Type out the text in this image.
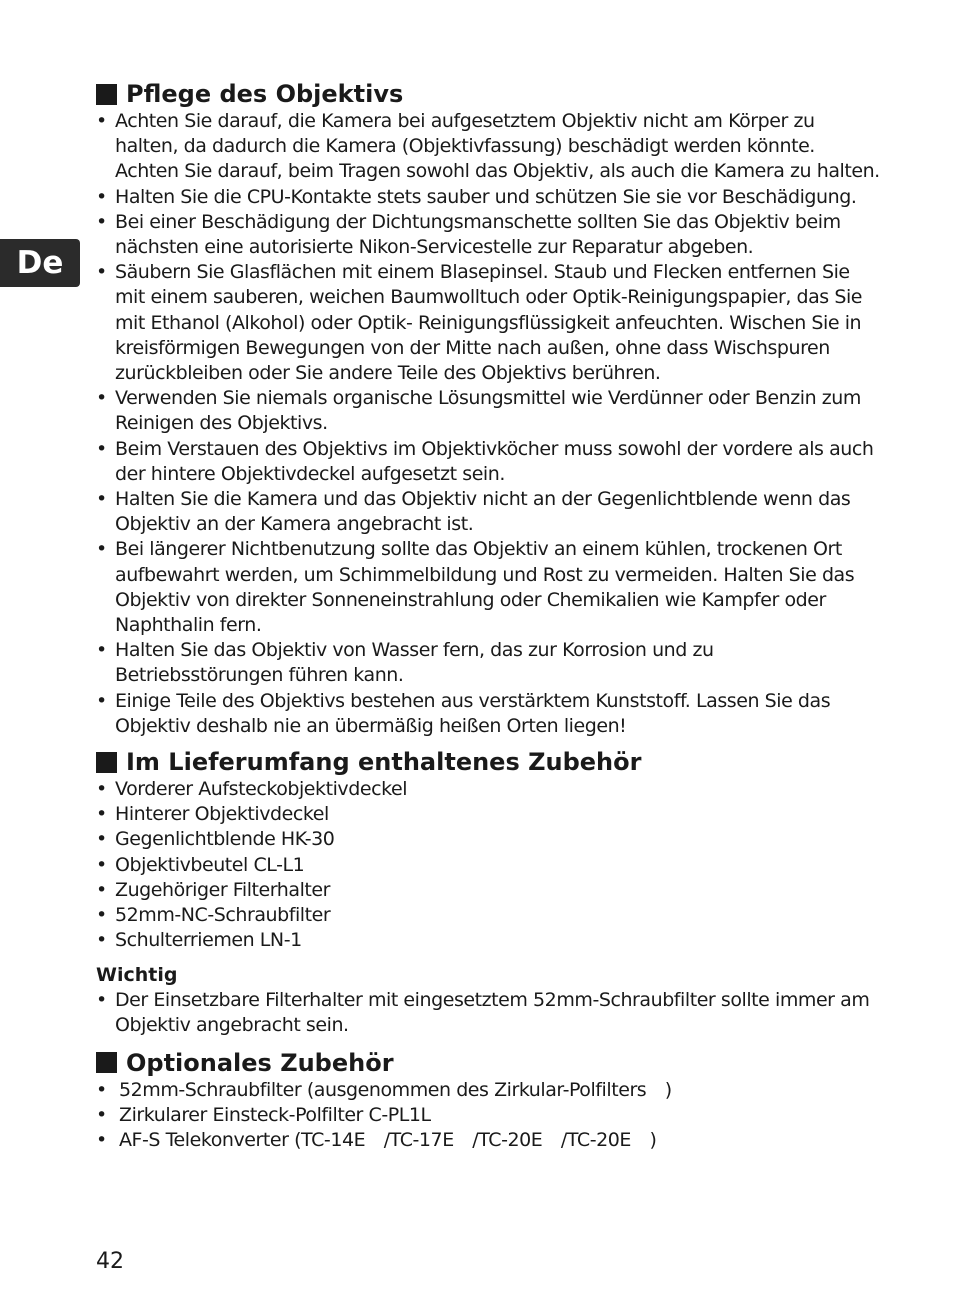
De
Pflege des Objektivs
• Achten Sie darauf, die Kamera bei aufgesetztem Objektiv nicht am Körper zu halten, da dadurch die Kamera (Objektivfassung) beschädigt werden könnte. Achten Sie darauf, beim Tragen sowohl das Objektiv, als auch die Kamera zu halten.
• Halten Sie die CPU-Kontakte stets sauber und schützen Sie sie vor Beschädigung.
• Bei einer Beschädigung der Dichtungsmanschette sollten Sie das Objektiv beim nächsten eine autorisierte Nikon-Servicestelle zur Reparatur abgeben.
• Säubern Sie Glasflächen mit einem Blasepinsel. Staub und Flecken entfernen Sie mit einem sauberen, weichen Baumwolltuch oder Optik-Reinigungspapier, das Sie mit Ethanol (Alkohol) oder Optik- Reinigungsflüssigkeit anfeuchten. Wischen Sie in kreisförmigen Bewegungen von der Mitte nach außen, ohne dass Wischspuren zurückbleiben oder Sie andere Teile des Objektivs berühren.
• Verwenden Sie niemals organische Lösungsmittel wie Verdünner oder Benzin zum Reinigen des Objektivs.
• Beim Verstauen des Objektivs im Objektivköcher muss sowohl der vordere als auch der hintere Objektivdeckel aufgesetzt sein.
• Halten Sie die Kamera und das Objektiv nicht an der Gegenlichtblende wenn das Objektiv an der Kamera angebracht ist.
• Bei längerer Nichtbenutzung sollte das Objektiv an einem kühlen, trockenen Ort aufbewahrt werden, um Schimmelbildung und Rost zu vermeiden. Halten Sie das Objektiv von direkter Sonneneinstrahlung oder Chemikalien wie Kampfer oder Naphthalin fern.
• Halten Sie das Objektiv von Wasser fern, das zur Korrosion und zu Betriebsstörungen führen kann.
• Einige Teile des Objektivs bestehen aus verstärktem Kunststoff. Lassen Sie das Objektiv deshalb nie an übermäßig heißen Orten liegen!
Im Lieferumfang enthaltenes Zubehör
• Vorderer Aufsteckobjektivdeckel
• Hinterer Objektivdeckel
• Gegenlichtblende HK-30
• Objektivbeutel CL-L1
• Zugehöriger Filterhalter
• 52mm-NC-Schraubfilter
• Schulterriemen LN-1
Wichtig
• Der Einsetzbare Filterhalter mit eingesetztem 52mm-Schraubfilter sollte immer am Objektiv angebracht sein.
Optionales Zubehör
• 52mm-Schraubfilter (ausgenommen des Zirkular-Polfilters )
• Zirkularer Einsteck-Polfilter C-PL1L
• AF-S Telekonverter (TC-14E /TC-17E /TC-20E /TC-20E )
42
